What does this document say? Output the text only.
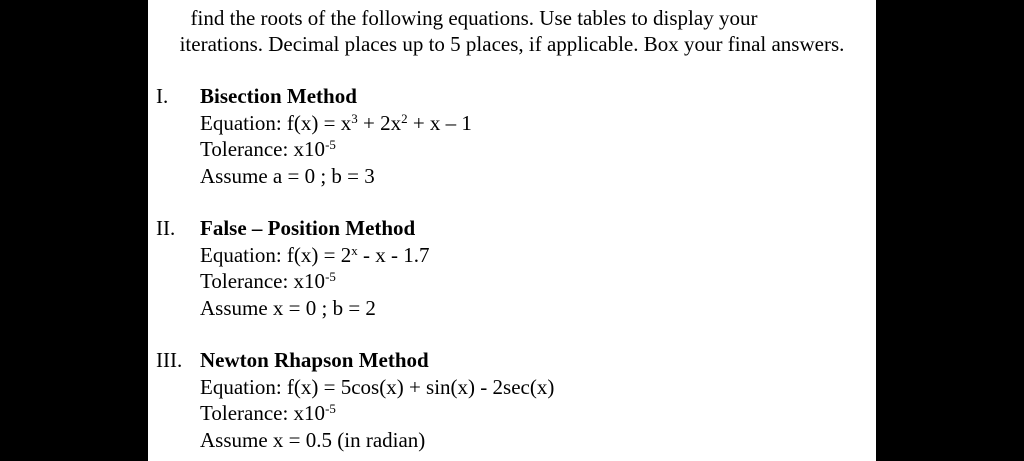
find the roots of the following equations. Use tables to display your
iterations. Decimal places up to 5 places, if applicable. Box your final answers.
I. Bisection Method
Equation: $f(x) = x^3 + 2x^2 + x - 1$
Tolerance: $x10^{-5}$
Assume a = 0 ; b = 3
II. False – Position Method
Equation: $f(x) = 2^x - x - 1.7$
Tolerance: $x10^{-5}$
Assume x = 0 ; b = 2
III. Newton Rhapson Method
Equation: f(x) = 5cos(x) + sin(x) - 2sec(x)
Tolerance: $x10^{-5}$
Assume x = 0.5 (in radian)
